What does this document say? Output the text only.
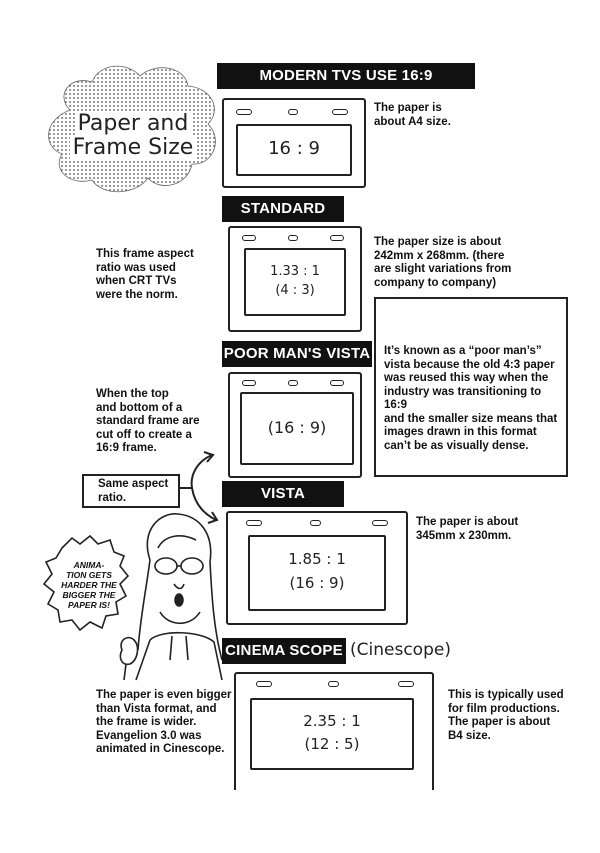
Paper and
Frame Size
MODERN TVS USE 16:9
16 : 9
The paper is
about A4 size.
STANDARD
1.33 : 1
(4 : 3)
This frame aspect
ratio was used
when CRT TVs
were the norm.
The paper size is about
242mm x 268mm. (there
are slight variations from
company to company)
POOR MAN'S VISTA
(16 : 9)
When the top
and bottom of a
standard frame are
cut off to create a
16:9 frame.
It’s known as a “poor man’s”
vista because the old 4:3 paper
was reused this way when the
industry was transitioning to 16:9
and the smaller size means that
images drawn in this format
can’t be as visually dense.
Same aspect
ratio.	VISTA
1.85 : 1
(16 : 9)
The paper is about
345mm x 230mm.
ANIMA-
TION GETS
HARDER THE
BIGGER THE
PAPER IS!
CINEMA SCOPE (Cinescope)
2.35 : 1
(12 : 5)
The paper is even bigger
than Vista format, and
the frame is wider.
Evangelion 3.0 was
animated in Cinescope.
This is typically used
for film productions.
The paper is about
B4 size.
